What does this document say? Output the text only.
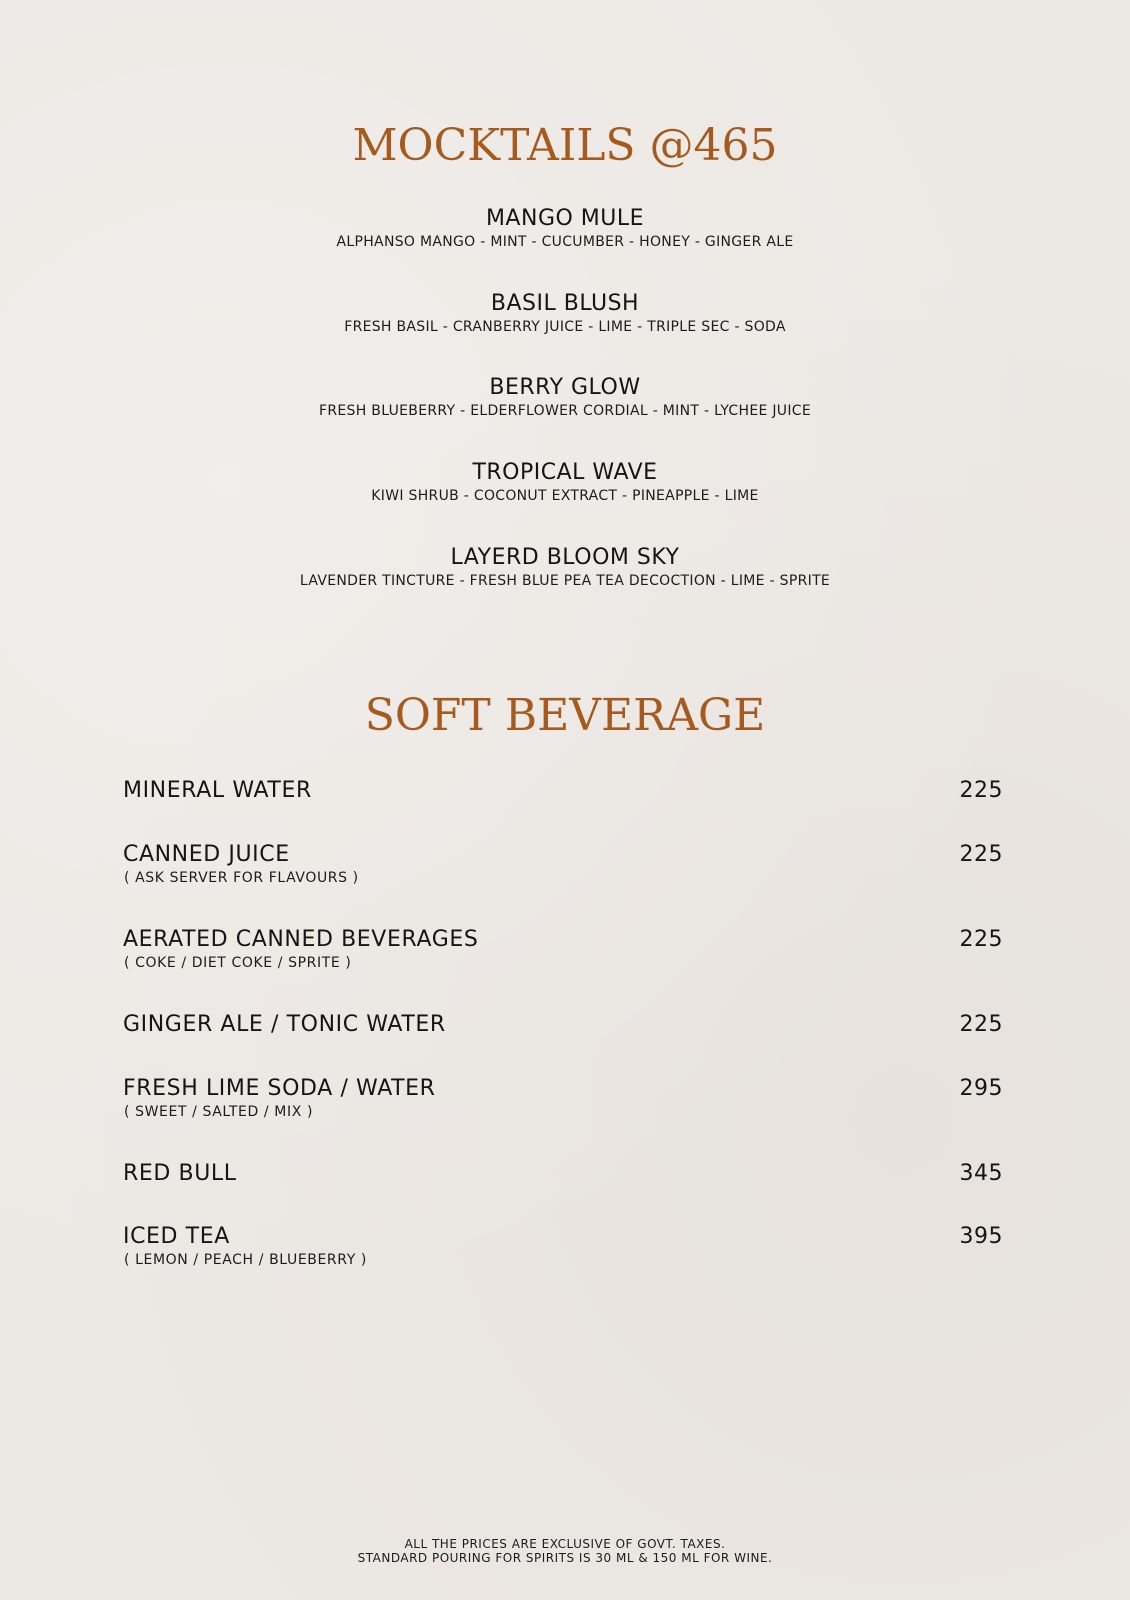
MOCKTAILS @465
MANGO MULE
ALPHANSO MANGO - MINT - CUCUMBER - HONEY - GINGER ALE
BASIL BLUSH
FRESH BASIL - CRANBERRY JUICE - LIME - TRIPLE SEC - SODA
BERRY GLOW
FRESH BLUEBERRY - ELDERFLOWER CORDIAL - MINT - LYCHEE JUICE
TROPICAL WAVE
KIWI SHRUB - COCONUT EXTRACT - PINEAPPLE - LIME
LAYERD BLOOM SKY
LAVENDER TINCTURE - FRESH BLUE PEA TEA DECOCTION - LIME - SPRITE
SOFT BEVERAGE
MINERAL WATER	225
CANNED JUICE
( ASK SERVER FOR FLAVOURS )
225
AERATED CANNED BEVERAGES
( COKE / DIET COKE / SPRITE )
225
GINGER ALE / TONIC WATER	225
FRESH LIME SODA / WATER
( SWEET / SALTED / MIX )
295
RED BULL	345
ICED TEA
( LEMON / PEACH / BLUEBERRY )
395
ALL THE PRICES ARE EXCLUSIVE OF GOVT. TAXES.
STANDARD POURING FOR SPIRITS IS 30 ML & 150 ML FOR WINE.
